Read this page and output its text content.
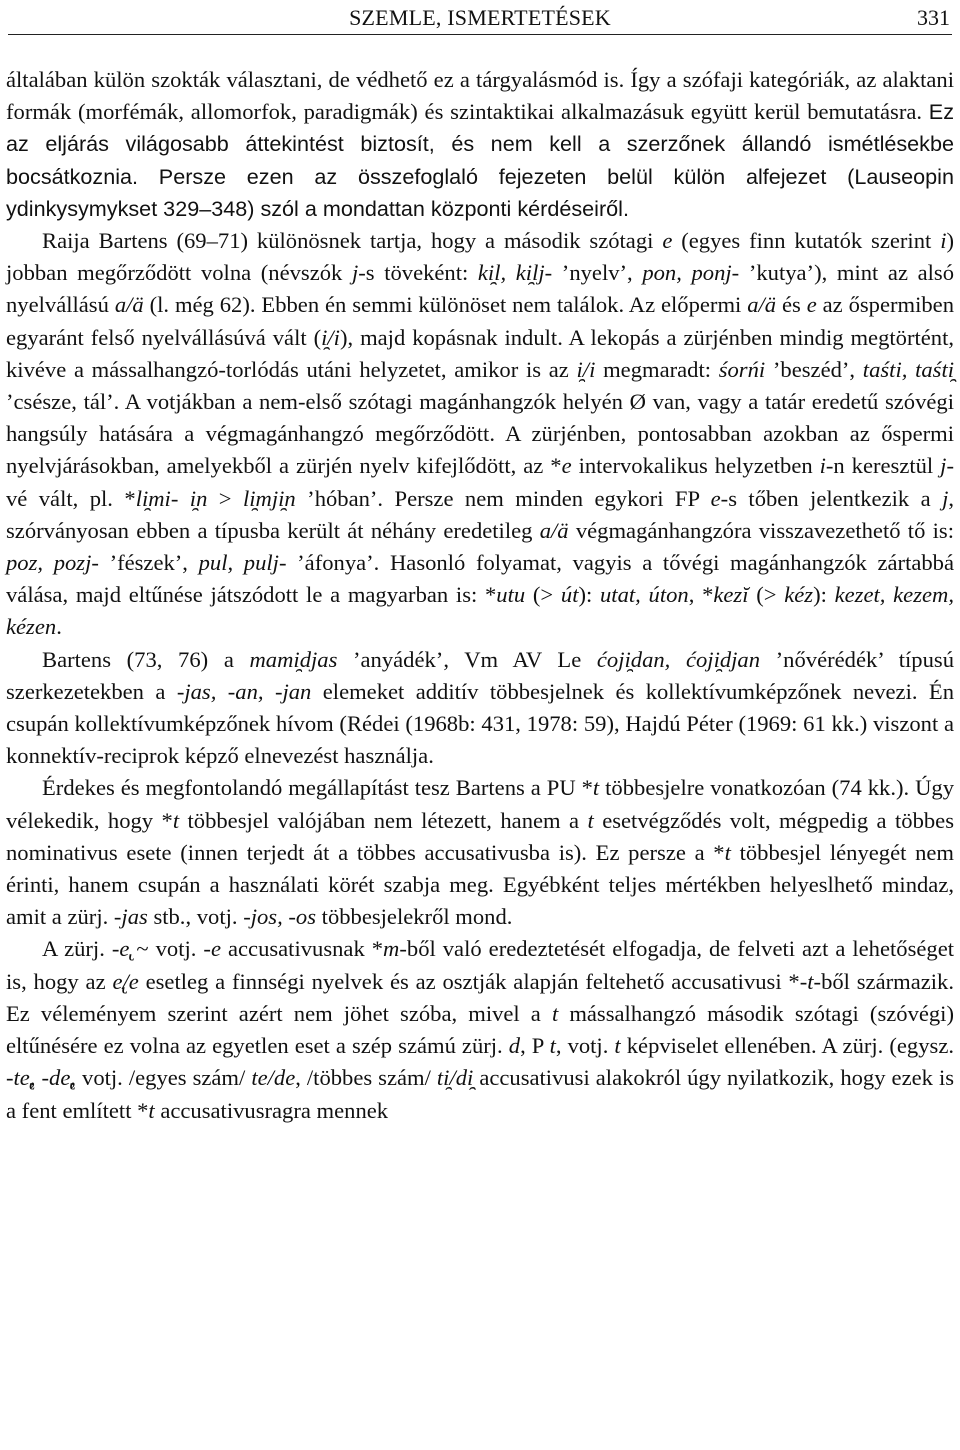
SZEMLE, ISMERTETÉSEK	331

általában külön szokták választani, de védhető ez a tárgyalásmód is. Így a szófaji kategóriák, az alaktani formák (morfémák, allomorfok, paradigmák) és szintaktikai alkalmazásuk együtt kerül bemutatásra. Ez az eljárás világosabb áttekintést biztosít, és nem kell a szerzőnek állandó ismétlésekbe bocsátkoznia. Persze ezen az összefoglaló fejezeten belül külön alfejezet (Lauseopin ydinkysymykset 329–348) szól a mondattan központi kérdéseiről.

Raija Bartens (69–71) különösnek tartja, hogy a második szótagi e (egyes finn kutatók szerint i) jobban megőrződött volna (névszók j-s töveként: ki̯l, ki̯lj- ’nyelv’, pon, ponj- ’kutya’), mint az alsó nyelvállású a/ä (l. még 62). Ebben én semmi különöset nem találok. Az előpermi a/ä és e az őspermiben egyaránt felső nyelvállásúvá vált (i̯/i), majd kopásnak indult. A lekopás a zürjénben mindig megtörtént, kivéve a mássalhangzó-torlódás utáni helyzetet, amikor is az i̯/i megmaradt: śorńi ’beszéd’, taśti, taśti̯ ’csésze, tál’. A votjákban a nem-első szótagi magánhangzók helyén Ø van, vagy a tatár eredetű szóvégi hangsúly hatására a végmagánhangzó megőrződött. A zürjénben, pontosabban azokban az őspermi nyelvjárásokban, amelyekből a zürjén nyelv kifejlődött, az *e intervokalikus helyzetben i-n keresztül j-vé vált, pl. *li̯mi- i̯n > li̯mji̯n ’hóban’. Persze nem minden egykori FP e-s tőben jelentkezik a j, szórványosan ebben a típusba került át néhány eredetileg a/ä végmagánhangzóra visszavezethető tő is: poz, pozj- ’fészek’, pul, pulj- ’áfonya’. Hasonló folyamat, vagyis a tővégi magánhangzók zártabbá válása, majd eltűnése játszódott le a magyarban is: *utu (> út): utat, úton, *kezĭ (> kéz): kezet, kezem, kézen.

Bartens (73, 76) a mami̯djas ’anyádék’, Vm AV Le ćoji̯dan, ćoji̯djan ’nővérédék’ típusú szerkezetekben a -jas, -an, -jan elemeket additív többesjelnek és kollektívumképzőnek nevezi. Én csupán kollektívumképzőnek hívom (Rédei (1968b: 431, 1978: 59), Hajdú Péter (1969: 61 kk.) viszont a konnektív-reciprok képző elnevezést használja.

Érdekes és megfontolandó megállapítást tesz Bartens a PU *t többesjelre vonatkozóan (74 kk.). Úgy vélekedik, hogy *t többesjel valójában nem létezett, hanem a t esetvégződés volt, mégpedig a többes nominativus esete (innen terjedt át a többes accusativusba is). Ez persze a *t többesjel lényegét nem érinti, hanem csupán a használati körét szabja meg. Egyébként teljes mértékben helyeslhető mindaz, amit a zürj. -jas stb., votj. -jos, -os többesjelekről mond.

A zürj. -e̢ ~ votj. -e accusativusnak *m-ből való eredeztetését elfogadja, de felveti azt a lehetőséget is, hogy az e̢/e esetleg a finnségi nyelvek és az osztják alapján feltehető accusativusi *-t-ből származik. Ez véleményem szerint azért nem jöhet szóba, mivel a t mássalhangzó második szótagi (szóvégi) eltűnésére ez volna az egyetlen eset a szép számú zürj. d, P t, votj. t képviselet ellenében. A zürj. (egysz. -te̢, -de̢, votj. /egyes szám/ te/de, /többes szám/ ti̯/di̯ accusativusi alakokról úgy nyilatkozik, hogy ezek is a fent említett *t accusativusragra mennek
